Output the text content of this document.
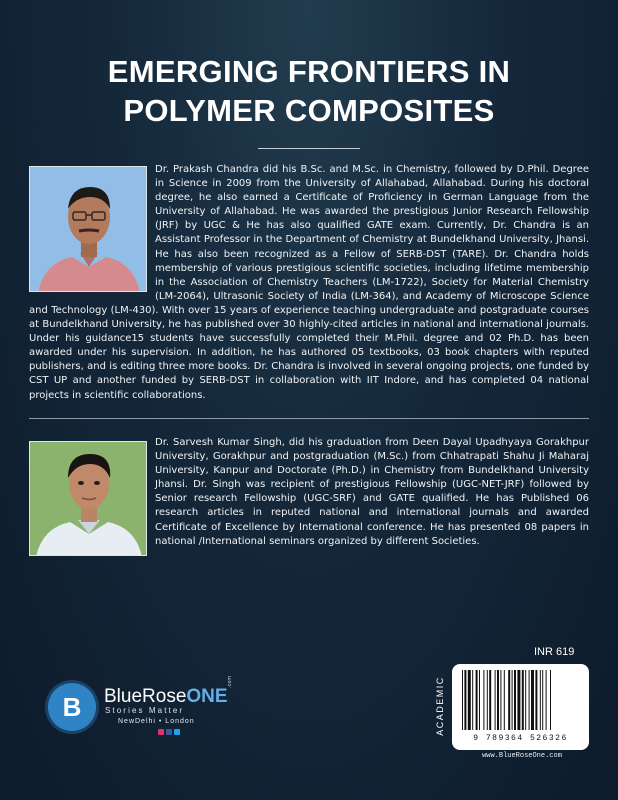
EMERGING FRONTIERS IN
POLYMER COMPOSITES
Dr. Prakash Chandra did his B.Sc. and M.Sc. in Chemistry, followed by D.Phil. Degree in Science in 2009 from the University of Allahabad, Allahabad. During his doctoral degree, he also earned a Certificate of Proficiency in German Language from the University of Allahabad. He was awarded the prestigious Junior Research Fellowship (JRF) by UGC & He has also qualified GATE exam. Currently, Dr. Chandra is an Assistant Professor in the Department of Chemistry at Bundelkhand University, Jhansi. He has also been recognized as a Fellow of SERB-DST (TARE). Dr. Chandra holds membership of various prestigious scientific societies, including lifetime membership in the Association of Chemistry Teachers (LM-1722), Society for Material Chemistry (LM-2064), Ultrasonic Society of India (LM-364), and Academy of Microscope Science and Technology (LM-430). With over 15 years of experience teaching undergraduate and postgraduate courses at Bundelkhand University, he has published over 30 highly-cited articles in national and international journals. Under his guidance15 students have successfully completed their M.Phil. degree and 02 Ph.D. has been awarded under his supervision. In addition, he has authored 05 textbooks, 03 book chapters with reputed publishers, and is editing three more books. Dr. Chandra is involved in several ongoing projects, one funded by CST UP and another funded by SERB-DST in collaboration with IIT Indore, and has completed 04 national projects in scientific collaborations.
Dr. Sarvesh Kumar Singh, did his graduation from Deen Dayal Upadhyaya Gorakhpur University, Gorakhpur and postgraduation (M.Sc.) from Chhatrapati Shahu Ji Maharaj University, Kanpur and Doctorate (Ph.D.) in Chemistry from Bundelkhand University Jhansi. Dr. Singh was recipient of prestigious Fellowship (UGC-NET-JRF) followed by Senior research Fellowship (UGC-SRF) and GATE qualified. He has Published 06 research articles in reputed national and international journals and awarded Certificate of Excellence by International conference. He has presented 08 papers in national /International seminars organized by different Societies.
B BlueRoseONE
.com
Stories Matter
NewDelhi • London
INR 619
ACADEMIC
9 789364 526326
www.BlueRoseOne.com
